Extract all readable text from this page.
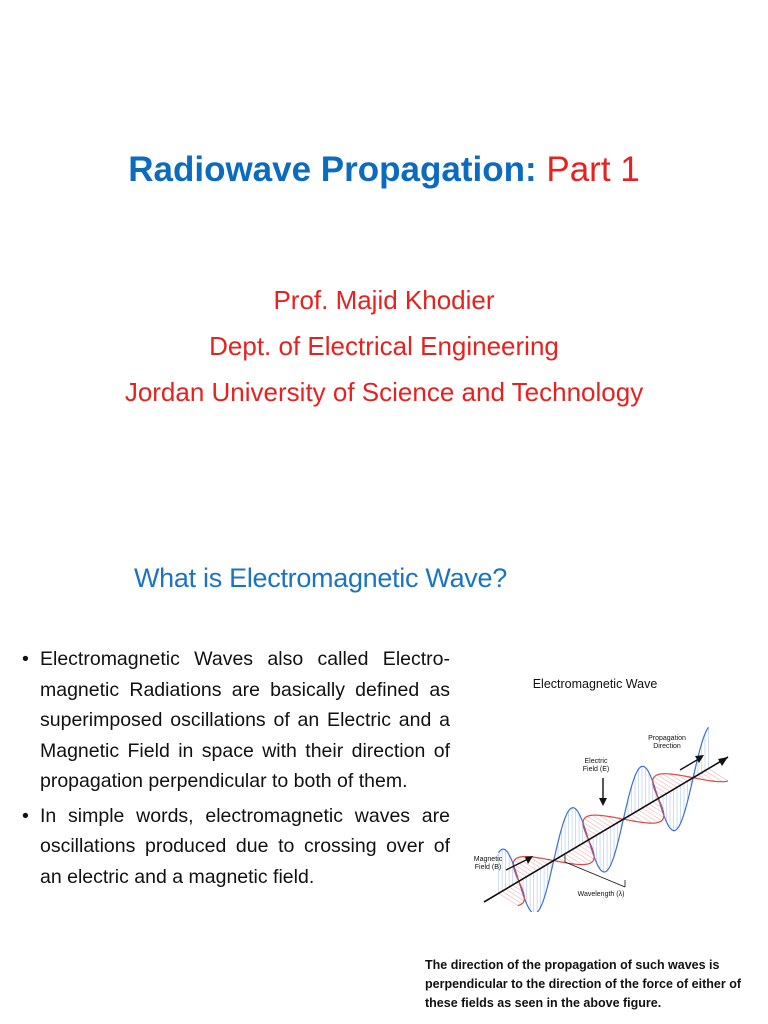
Radiowave Propagation: Part 1
Prof. Majid Khodier
Dept. of Electrical Engineering
Jordan University of Science and Technology
What is Electromagnetic Wave?
• Electromagnetic Waves also called Electro-magnetic Radiations are basically defined as superimposed oscillations of an Electric and a Magnetic Field in space with their direction of propagation perpendicular to both of them.
• In simple words, electromagnetic waves are oscillations produced due to crossing over of an electric and a magnetic field.
Electromagnetic Wave
Propagation
Direction
Electric
Field (E)
Magnetic
Field (B)
Wavelength (λ)
The direction of the propagation of such waves is perpendicular to the direction of the force of either of these fields as seen in the above figure.
